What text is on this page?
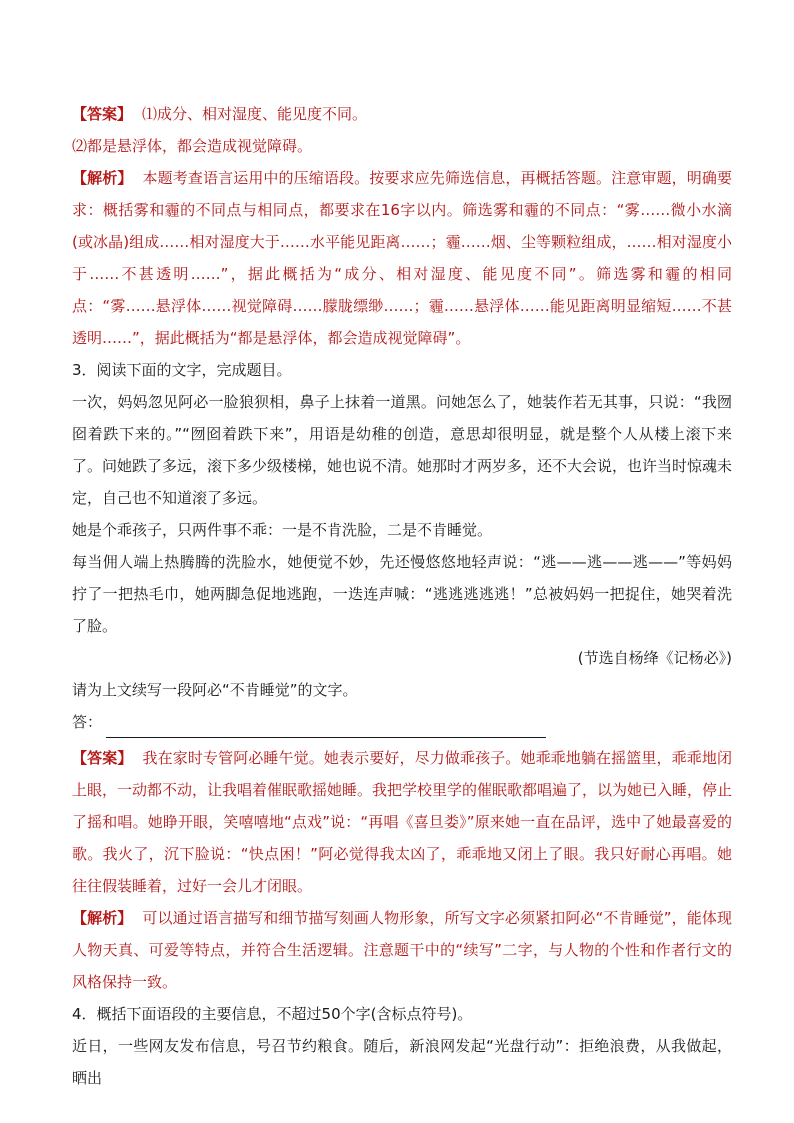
【答案】 ⑴成分、相对湿度、能见度不同。

⑵都是悬浮体，都会造成视觉障碍。

【解析】 本题考查语言运用中的压缩语段。按要求应先筛选信息，再概括答题。注意审题，明确要求：概括雾和霾的不同点与相同点，都要求在16字以内。筛选雾和霾的不同点：“雾……微小水滴(或冰晶)组成……相对湿度大于……水平能见距离……；霾……烟、尘等颗粒组成，……相对湿度小于……不甚透明……”，据此概括为“成分、相对湿度、能见度不同”。筛选雾和霾的相同点：“雾……悬浮体……视觉障碍……朦胧缥缈……；霾……悬浮体……能见距离明显缩短……不甚透明……”，据此概括为“都是悬浮体，都会造成视觉障碍”。

3．阅读下面的文字，完成题目。

一次，妈妈忽见阿必一脸狼狈相，鼻子上抹着一道黑。问她怎么了，她装作若无其事，只说：“我囫囵着跌下来的。”“囫囵着跌下来”，用语是幼稚的创造，意思却很明显，就是整个人从楼上滚下来了。问她跌了多远，滚下多少级楼梯，她也说不清。她那时才两岁多，还不大会说，也许当时惊魂未定，自己也不知道滚了多远。

她是个乖孩子，只两件事不乖：一是不肯洗脸，二是不肯睡觉。

每当佣人端上热腾腾的洗脸水，她便觉不妙，先还慢悠悠地轻声说：“逃——逃——逃——”等妈妈拧了一把热毛巾，她两脚急促地逃跑，一迭连声喊：“逃逃逃逃逃！”总被妈妈一把捉住，她哭着洗了脸。

(节选自杨绛《记杨必》)

请为上文续写一段阿必“不肯睡觉”的文字。

答：

【答案】 我在家时专管阿必睡午觉。她表示要好，尽力做乖孩子。她乖乖地躺在摇篮里，乖乖地闭上眼，一动都不动，让我唱着催眠歌摇她睡。我把学校里学的催眠歌都唱遍了，以为她已入睡，停止了摇和唱。她睁开眼，笑嘻嘻地“点戏”说：“再唱《喜旦娄》”原来她一直在品评，选中了她最喜爱的歌。我火了，沉下脸说：“快点困！”阿必觉得我太凶了，乖乖地又闭上了眼。我只好耐心再唱。她往往假装睡着，过好一会儿才闭眼。

【解析】 可以通过语言描写和细节描写刻画人物形象，所写文字必须紧扣阿必“不肯睡觉”，能体现人物天真、可爱等特点，并符合生活逻辑。注意题干中的“续写”二字，与人物的个性和作者行文的风格保持一致。

4．概括下面语段的主要信息，不超过50个字(含标点符号)。

近日，一些网友发布信息，号召节约粮食。随后，新浪网发起“光盘行动”：拒绝浪费，从我做起，晒出
